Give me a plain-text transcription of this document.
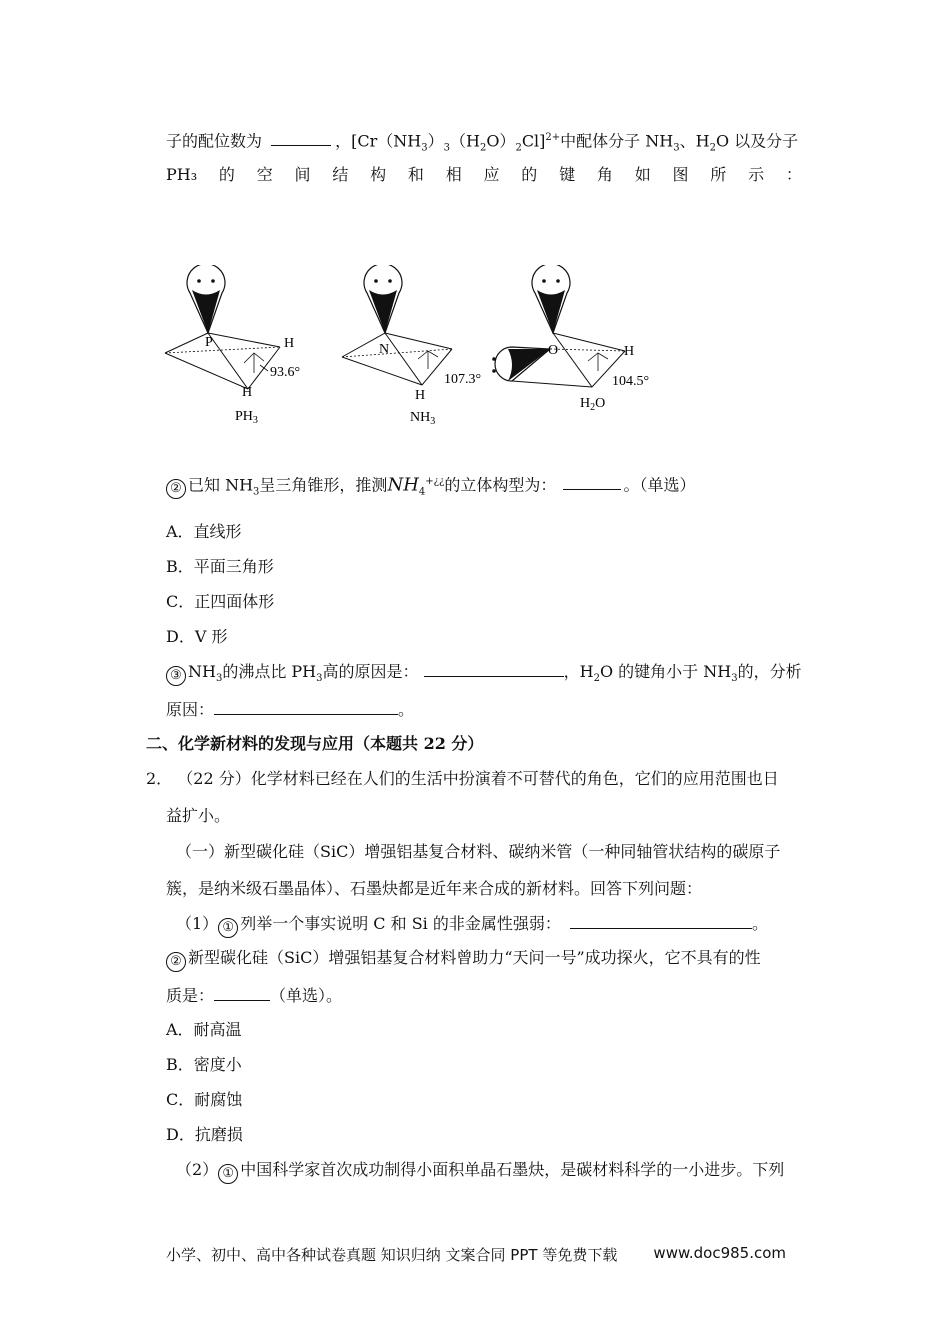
子的配位数为	，$[Cr(NH_3)_3(H_2O)_2Cl]^{2+}$中配体分子 $NH_3$、$H_2O$ 以及分子
PH₃ 的 空 间 结 构 和 相 应 的 键 角 如 图 所 示 ：
P	H
H
93.6°
$PH_3$
N
H
107.3°
$NH_3$
O	H
104.5°
$H_2O$
② 已知 $NH_3$呈三角锥形，推测$NH_4^{+¿¿}$的立体构型为：	。（单选）
A．直线形
B．平面三角形
C．正四面体形
D．V 形
③ $NH_3$的沸点比 $PH_3$高的原因是：	，$H_2O$ 的键角小于 $NH_3$的，分析
原因：	。
二、化学新材料的发现与应用（本题共 22 分）
2． （22 分）化学材料已经在人们的生活中扮演着不可替代的角色，它们的应用范围也日
益扩小。
（一）新型碳化硅（SiC）增强铝基复合材料、碳纳米管（一种同轴管状结构的碳原子
簇，是纳米级石墨晶体）、石墨炔都是近年来合成的新材料。回答下列问题：
（1） ① 列举一个事实说明 C 和 Si 的非金属性强弱：	。
② 新型碳化硅（SiC）增强铝基复合材料曾助力“天问一号”成功探火，它不具有的性
质是：	（单选）。
A．耐高温
B．密度小
C．耐腐蚀
D．抗磨损
（2） ① 中国科学家首次成功制得小面积单晶石墨炔，是碳材料科学的一小进步。下列
小学、初中、高中各种试卷真题 知识归纳 文案合同 PPT 等免费下载 www.doc985.com
